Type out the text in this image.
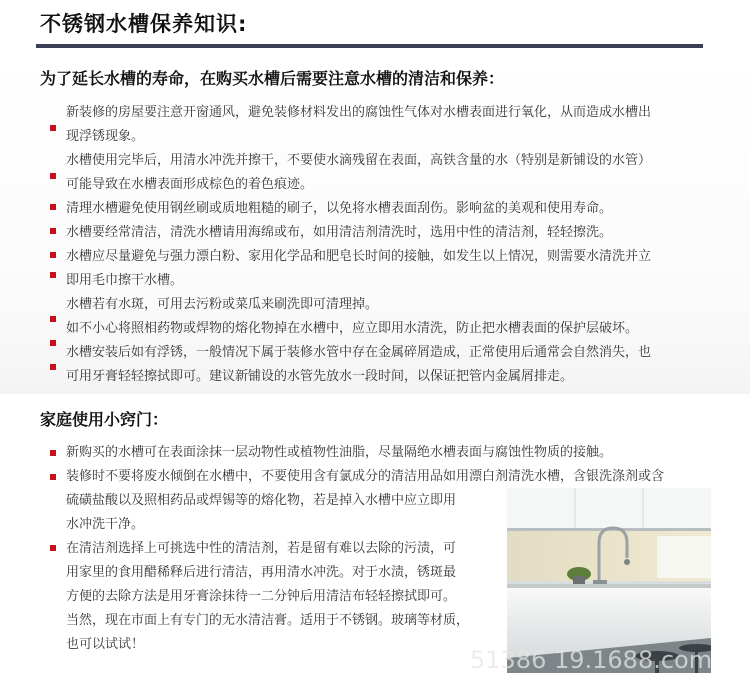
不锈钢水槽保养知识:
为了延长水槽的寿命，在购买水槽后需要注意水槽的清洁和保养：
新装修的房屋要注意开窗通风，避免装修材料发出的腐蚀性气体对水槽表面进行氧化，从而造成水槽出
现浮锈现象。
水槽使用完毕后，用清水冲洗并擦干，不要使水滴残留在表面，高铁含量的水（特别是新铺设的水管）
可能导致在水槽表面形成棕色的着色痕迹。
清理水槽避免使用钢丝刷或质地粗糙的刷子，以免将水槽表面刮伤。影响盆的美观和使用寿命。
水槽要经常清洁，清洗水槽请用海绵或布，如用清洁剂清洗时，选用中性的清洁剂，轻轻擦洗。
水槽应尽量避免与强力漂白粉、家用化学品和肥皂长时间的接触，如发生以上情况，则需要水清洗并立
即用毛巾擦干水槽。
水槽若有水斑，可用去污粉或菜瓜来刷洗即可清理掉。
如不小心将照相药物或焊物的熔化物掉在水槽中，应立即用水清洗，防止把水槽表面的保护层破坏。
水槽安装后如有浮锈，一般情况下属于装修水管中存在金属碎屑造成，正常使用后通常会自然消失，也
可用牙膏轻轻擦拭即可。建议新铺设的水管先放水一段时间，以保证把管内金属屑排走。
家庭使用小窍门：
新购买的水槽可在表面涂抹一层动物性或植物性油脂，尽量隔绝水槽表面与腐蚀性物质的接触。
装修时不要将废水倾倒在水槽中，不要使用含有氯成分的清洁用品如用漂白剂清洗水槽，含银洗涤剂或含
硫磺盐酸以及照相药品或焊锡等的熔化物，若是掉入水槽中应立即用
水冲洗干净。
在清洁剂选择上可挑选中性的清洁剂，若是留有难以去除的污渍，可
用家里的食用醋稀释后进行清洁，再用清水冲洗。对于水渍，锈斑最
方便的去除方法是用牙膏涂抹待一二分钟后用清洁布轻轻擦拭即可。
当然，现在市面上有专门的无水清洁膏。适用于不锈钢。玻璃等材质，
也可以试试！
51386 19.1688.com
